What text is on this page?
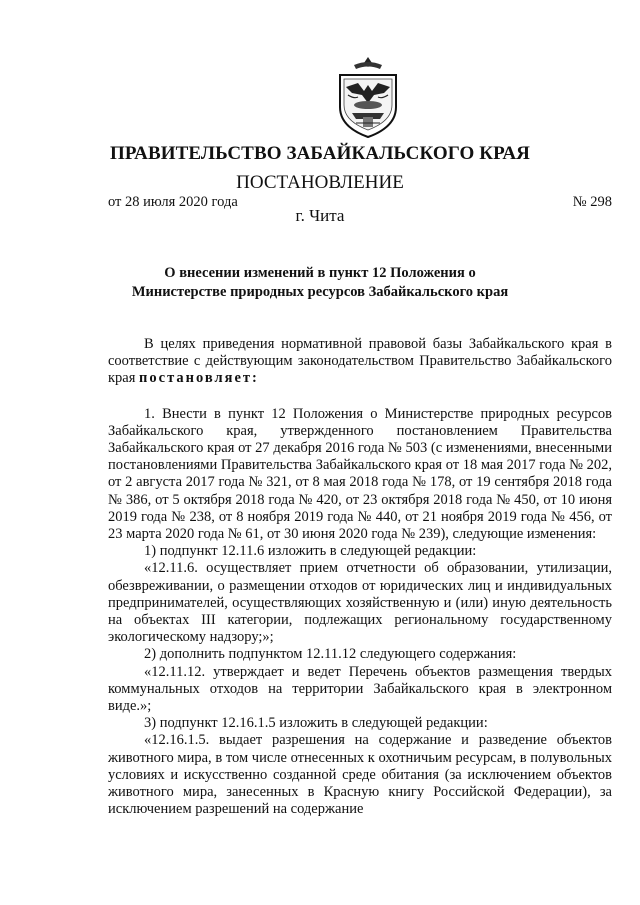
ПРАВИТЕЛЬСТВО ЗАБАЙКАЛЬСКОГО КРАЯ
ПОСТАНОВЛЕНИЕ
от 28 июля 2020 года	№ 298
г. Чита
О внесении изменений в пункт 12 Положения о Министерстве природных ресурсов Забайкальского края

В целях приведения нормативной правовой базы Забайкальского края в соответствие с действующим законодательством Правительство Забайкальского края постановляет:

1. Внести в пункт 12 Положения о Министерстве природных ресурсов Забайкальского края, утвержденного постановлением Правительства Забайкальского края от 27 декабря 2016 года № 503 (с изменениями, внесенными постановлениями Правительства Забайкальского края от 18 мая 2017 года № 202, от 2 августа 2017 года № 321, от 8 мая 2018 года № 178, от 19 сентября 2018 года № 386, от 5 октября 2018 года № 420, от 23 октября 2018 года № 450, от 10 июня 2019 года № 238, от 8 ноября 2019 года № 440, от 21 ноября 2019 года № 456, от 23 марта 2020 года № 61, от 30 июня 2020 года № 239), следующие изменения:

1) подпункт 12.11.6 изложить в следующей редакции:

«12.11.6. осуществляет прием отчетности об образовании, утилизации, обезвреживании, о размещении отходов от юридических лиц и индивидуальных предпринимателей, осуществляющих хозяйственную и (или) иную деятельность на объектах III категории, подлежащих региональному государственному экологическому надзору;»;

2) дополнить подпунктом 12.11.12 следующего содержания:

«12.11.12. утверждает и ведет Перечень объектов размещения твердых коммунальных отходов на территории Забайкальского края в электронном виде.»;

3) подпункт 12.16.1.5 изложить в следующей редакции:

«12.16.1.5. выдает разрешения на содержание и разведение объектов животного мира, в том числе отнесенных к охотничьим ресурсам, в полувольных условиях и искусственно созданной среде обитания (за исключением объектов животного мира, занесенных в Красную книгу Российской Федерации), за исключением разрешений на содержание
